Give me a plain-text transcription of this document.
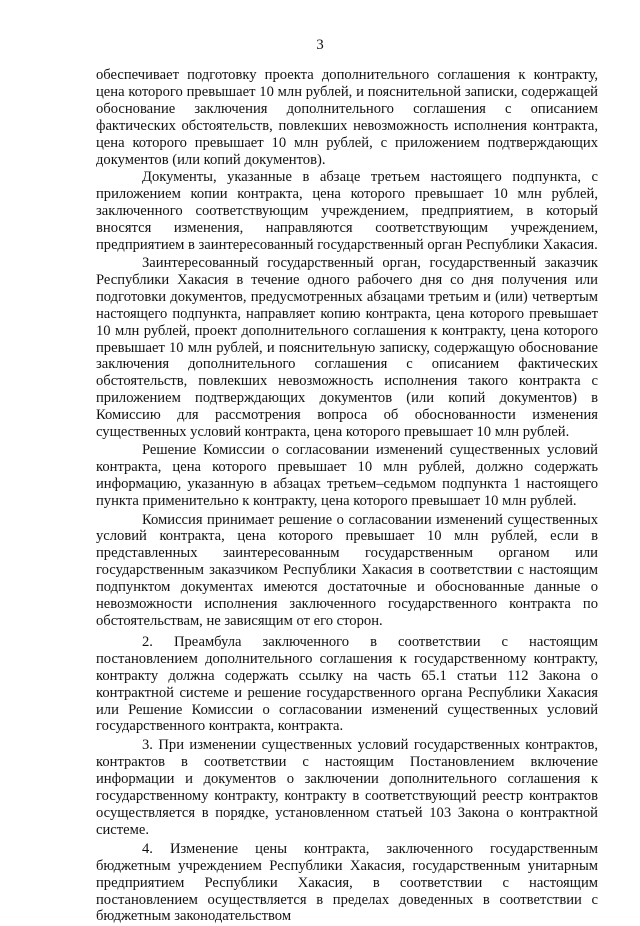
3

обеспечивает подготовку проекта дополнительного соглашения к контракту, цена которого превышает 10 млн рублей, и пояснительной записки, содержащей обоснование заключения дополнительного соглашения с описанием фактических обстоятельств, повлекших невозможность исполнения контракта, цена которого превышает 10 млн рублей, с приложением подтверждающих документов (или копий документов).

Документы, указанные в абзаце третьем настоящего подпункта, с приложением копии контракта, цена которого превышает 10 млн рублей, заключенного соответствующим учреждением, предприятием, в который вносятся изменения, направляются соответствующим учреждением, предприятием в заинтересованный государственный орган Республики Хакасия.

Заинтересованный государственный орган, государственный заказчик Республики Хакасия в течение одного рабочего дня со дня получения или подготовки документов, предусмотренных абзацами третьим и (или) четвертым настоящего подпункта, направляет копию контракта, цена которого превышает 10 млн рублей, проект дополнительного соглашения к контракту, цена которого превышает 10 млн рублей, и пояснительную записку, содержащую обоснование заключения дополнительного соглашения с описанием фактических обстоятельств, повлекших невозможность исполнения такого контракта с приложением подтверждающих документов (или копий документов) в Комиссию для рассмотрения вопроса об обоснованности изменения существенных условий контракта, цена которого превышает 10 млн рублей.

Решение Комиссии о согласовании изменений существенных условий контракта, цена которого превышает 10 млн рублей, должно содержать информацию, указанную в абзацах третьем–седьмом подпункта 1 настоящего пункта применительно к контракту, цена которого превышает 10 млн рублей.

Комиссия принимает решение о согласовании изменений существенных условий контракта, цена которого превышает 10 млн рублей, если в представленных заинтересованным государственным органом или государственным заказчиком Республики Хакасия в соответствии с настоящим подпунктом документах имеются достаточные и обоснованные данные о невозможности исполнения заключенного государственного контракта по обстоятельствам, не зависящим от его сторон.

2. Преамбула заключенного в соответствии с настоящим постановлением дополнительного соглашения к государственному контракту, контракту должна содержать ссылку на часть 65.1 статьи 112 Закона о контрактной системе и решение государственного органа Республики Хакасия или Решение Комиссии о согласовании изменений существенных условий государственного контракта, контракта.

3. При изменении существенных условий государственных контрактов, контрактов в соответствии с настоящим Постановлением включение информации и документов о заключении дополнительного соглашения к государственному контракту, контракту в соответствующий реестр контрактов осуществляется в порядке, установленном статьей 103 Закона о контрактной системе.

4. Изменение цены контракта, заключенного государственным бюджетным учреждением Республики Хакасия, государственным унитарным предприятием Республики Хакасия, в соответствии с настоящим постановлением осуществляется в пределах доведенных в соответствии с бюджетным законодательством
